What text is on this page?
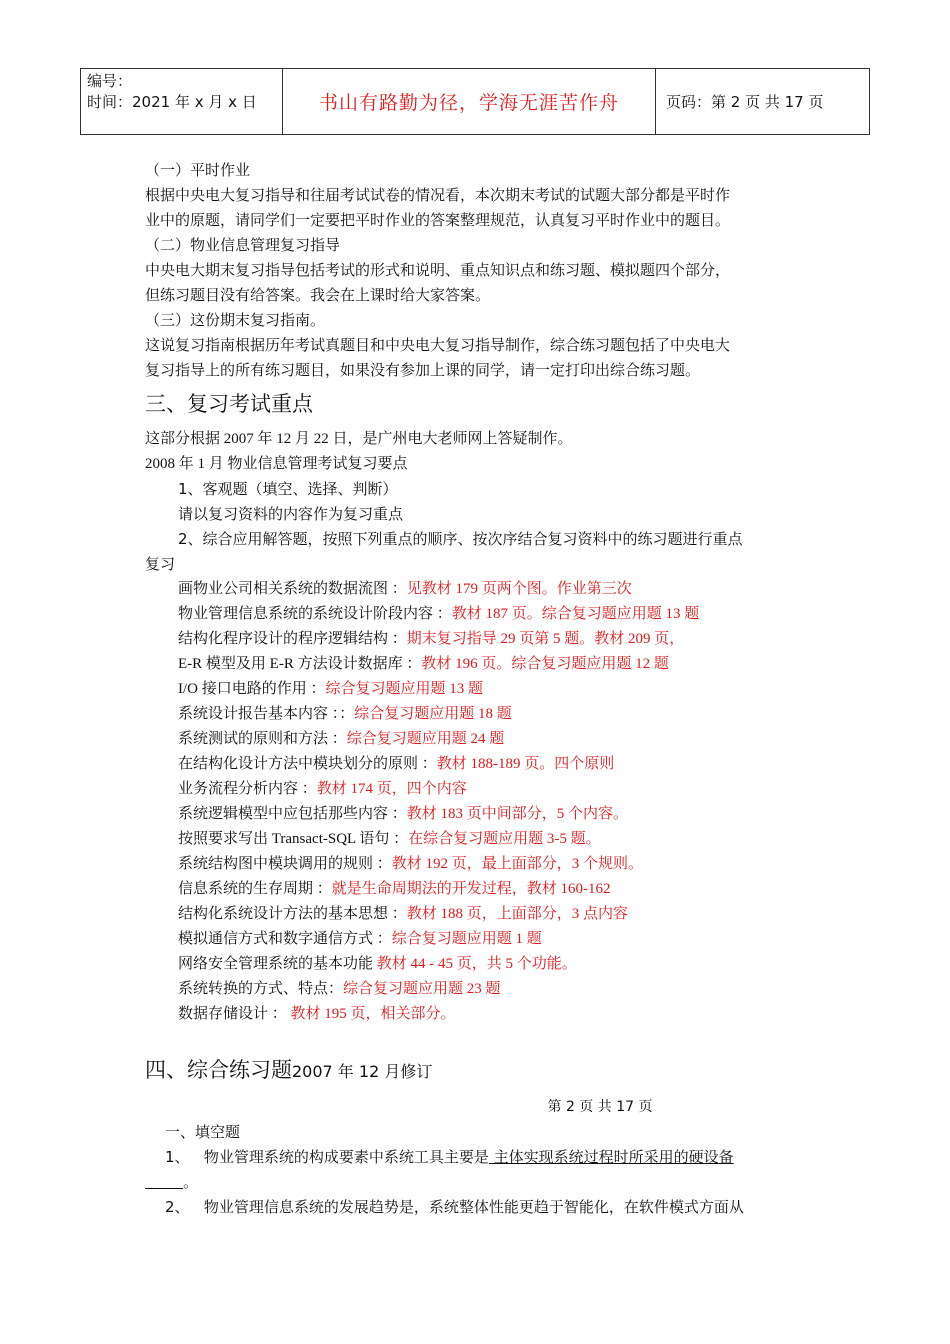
编号：
时间：2021 年 x 月 x 日	书山有路勤为径，学海无涯苦作舟	页码：第 2 页 共 17 页
（一）平时作业
根据中央电大复习指导和往届考试试卷的情况看，本次期末考试的试题大部分都是平时作
业中的原题，请同学们一定要把平时作业的答案整理规范，认真复习平时作业中的题目。
（二）物业信息管理复习指导
中央电大期末复习指导包括考试的形式和说明、重点知识点和练习题、模拟题四个部分，
但练习题目没有给答案。我会在上课时给大家答案。
（三）这份期末复习指南。
这说复习指南根据历年考试真题目和中央电大复习指导制作，综合练习题包括了中央电大
复习指导上的所有练习题目，如果没有参加上课的同学，请一定打印出综合练习题。
三、复习考试重点
这部分根据 2007 年 12 月 22 日，是广州电大老师网上答疑制作。
2008 年 1 月 物业信息管理考试复习要点
1、客观题（填空、选择、判断）
请以复习资料的内容作为复习重点
2、综合应用解答题，按照下列重点的顺序、按次序结合复习资料中的练习题进行重点
复习
画物业公司相关系统的数据流图 ：见教材 179 页两个图。作业第三次
物业管理信息系统的系统设计阶段内容 ：教材 187 页。综合复习题应用题 13 题
结构化程序设计的程序逻辑结构 ：期末复习指导 29 页第 5 题。教材 209 页，
E-R 模型及用 E-R 方法设计数据库 ：教材 196 页。综合复习题应用题 12 题
I/O 接口电路的作用 ：综合复习题应用题 13 题
系统设计报告基本内容 ：：综合复习题应用题 18 题
系统测试的原则和方法 ：综合复习题应用题 24 题
在结构化设计方法中模块划分的原则 ：教材 188-189 页。四个原则
业务流程分析内容 ：教材 174 页，四个内容
系统逻辑模型中应包括那些内容 ：教材 183 页中间部分，5 个内容。
按照要求写出 Transact-SQL 语句 ：在综合复习题应用题 3-5 题。
系统结构图中模块调用的规则 ：教材 192 页，最上面部分，3 个规则。
信息系统的生存周期 ：就是生命周期法的开发过程，教材 160-162
结构化系统设计方法的基本思想 ：教材 188 页，上面部分，3 点内容
模拟通信方式和数字通信方式 ：综合复习题应用题 1 题
网络安全管理系统的基本功能 教材 44 - 45 页，共 5 个功能。
系统转换的方式、特点：综合复习题应用题 23 题
数据存储设计 ： 教材 195 页，相关部分。
四、综合练习题2007 年 12 月修订
第 2 页 共 17 页
一、填空题
1、 物业管理系统的构成要素中系统工具主要是 主体实现系统过程时所采用的硬设备
。
2、 物业管理信息系统的发展趋势是，系统整体性能更趋于智能化，在软件模式方面从
